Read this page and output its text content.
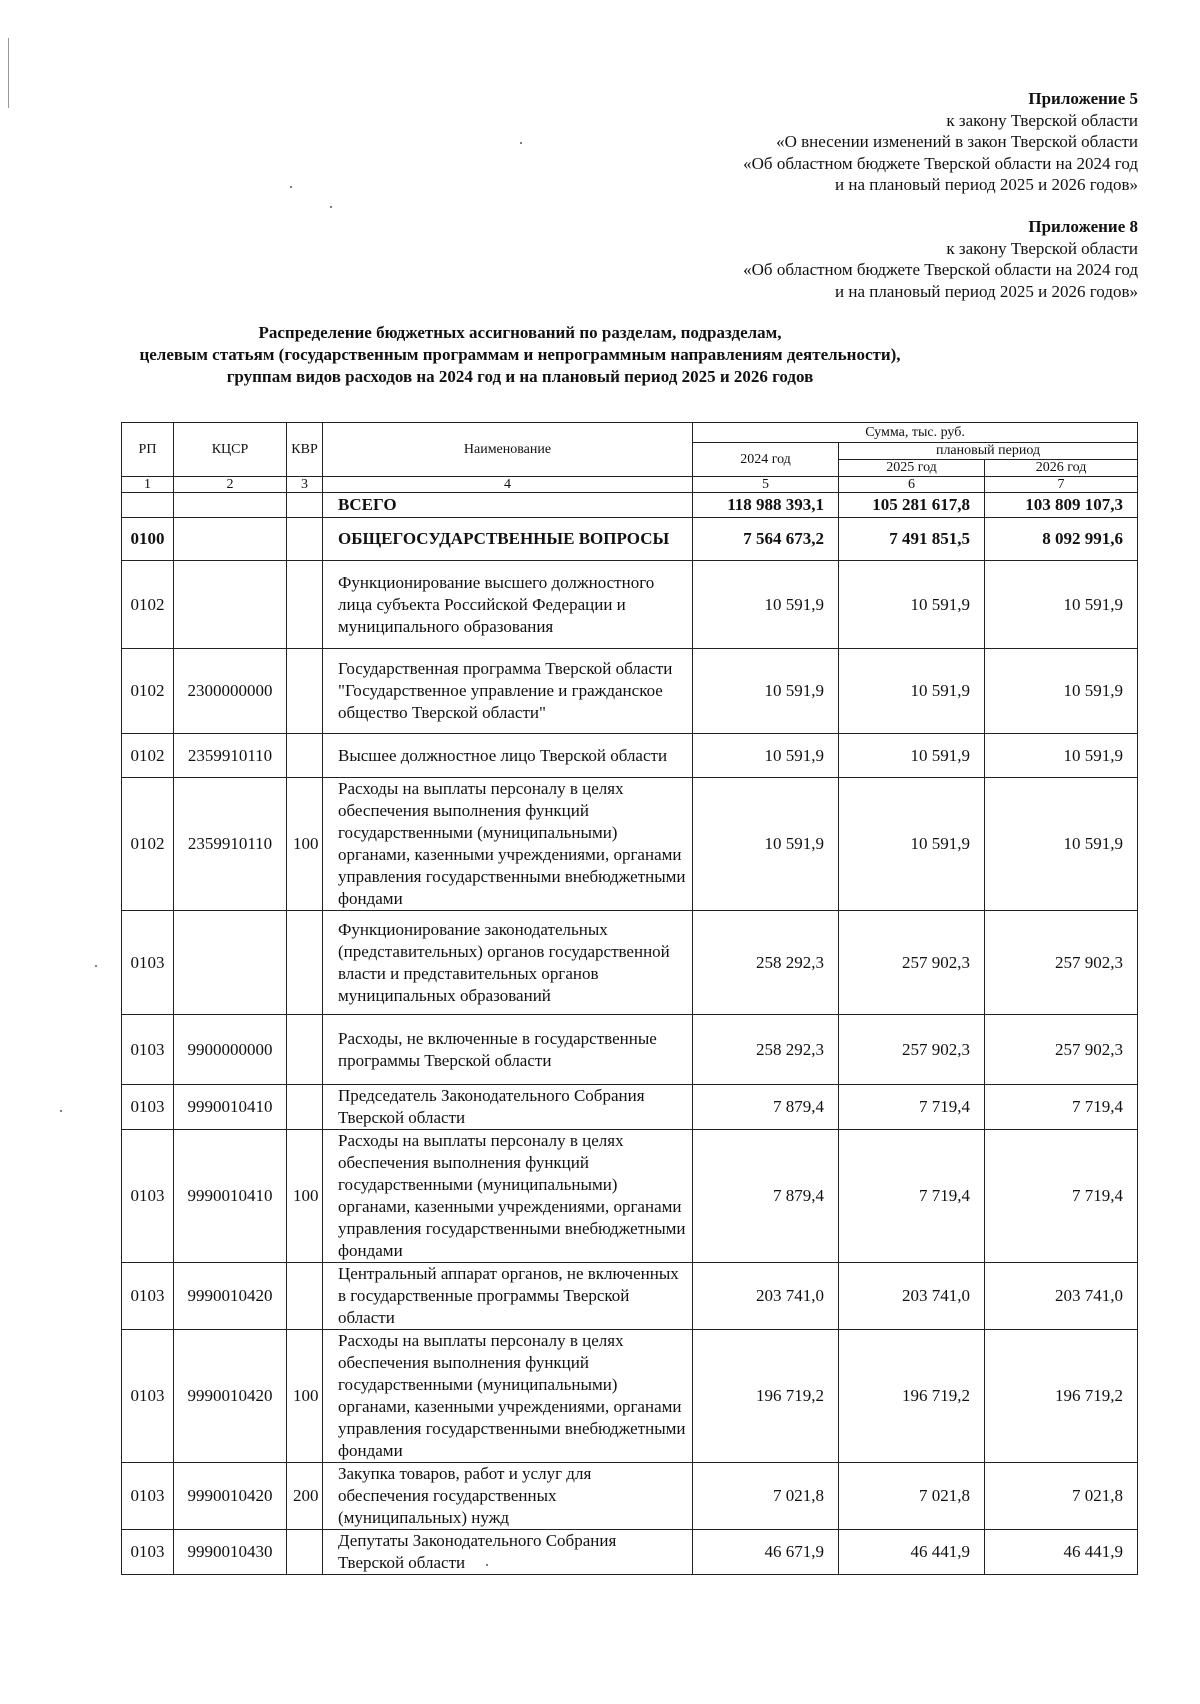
Приложение 5
к закону Тверской области
«О внесении изменений в закон Тверской области
«Об областном бюджете Тверской области на 2024 год
и на плановый период 2025 и 2026 годов»
Приложение 8
к закону Тверской области
«Об областном бюджете Тверской области на 2024 год
и на плановый период 2025 и 2026 годов»
Распределение бюджетных ассигнований по разделам, подразделам,
целевым статьям (государственным программам и непрограммным направлениям деятельности),
группам видов расходов на 2024 год и на плановый период 2025 и 2026 годов
РП	КЦСР	КВР	Наименование	Сумма, тыс. руб.		
				2024 год	плановый период	
					2025 год	2026 год
1	2	3	4	5	6	7
			ВСЕГО	118 988 393,1	105 281 617,8	103 809 107,3
0100			ОБЩЕГОСУДАРСТВЕННЫЕ ВОПРОСЫ	7 564 673,2	7 491 851,5	8 092 991,6
0102			Функционирование высшего должностного лица субъекта Российской Федерации и муниципального образования	10 591,9	10 591,9	10 591,9
0102	2300000000		Государственная программа Тверской области "Государственное управление и гражданское общество Тверской области"	10 591,9	10 591,9	10 591,9
0102	2359910110		Высшее должностное лицо Тверской области	10 591,9	10 591,9	10 591,9
0102	2359910110	100	Расходы на выплаты персоналу в целях обеспечения выполнения функций государственными (муниципальными) органами, казенными учреждениями, органами управления государственными внебюджетными фондами	10 591,9	10 591,9	10 591,9
0103			Функционирование законодательных (представительных) органов государственной власти и представительных органов муниципальных образований	258 292,3	257 902,3	257 902,3
0103	9900000000		Расходы, не включенные в государственные программы Тверской области	258 292,3	257 902,3	257 902,3
0103	9990010410		Председатель Законодательного Собрания Тверской области	7 879,4	7 719,4	7 719,4
0103	9990010410	100	Расходы на выплаты персоналу в целях обеспечения выполнения функций государственными (муниципальными) органами, казенными учреждениями, органами управления государственными внебюджетными фондами	7 879,4	7 719,4	7 719,4
0103	9990010420		Центральный аппарат органов, не включенных в государственные программы Тверской области	203 741,0	203 741,0	203 741,0
0103	9990010420	100	Расходы на выплаты персоналу в целях обеспечения выполнения функций государственными (муниципальными) органами, казенными учреждениями, органами управления государственными внебюджетными фондами	196 719,2	196 719,2	196 719,2
0103	9990010420	200	Закупка товаров, работ и услуг для обеспечения государственных (муниципальных) нужд	7 021,8	7 021,8	7 021,8
0103	9990010430		Депутаты Законодательного Собрания Тверской области	46 671,9	46 441,9	46 441,9
